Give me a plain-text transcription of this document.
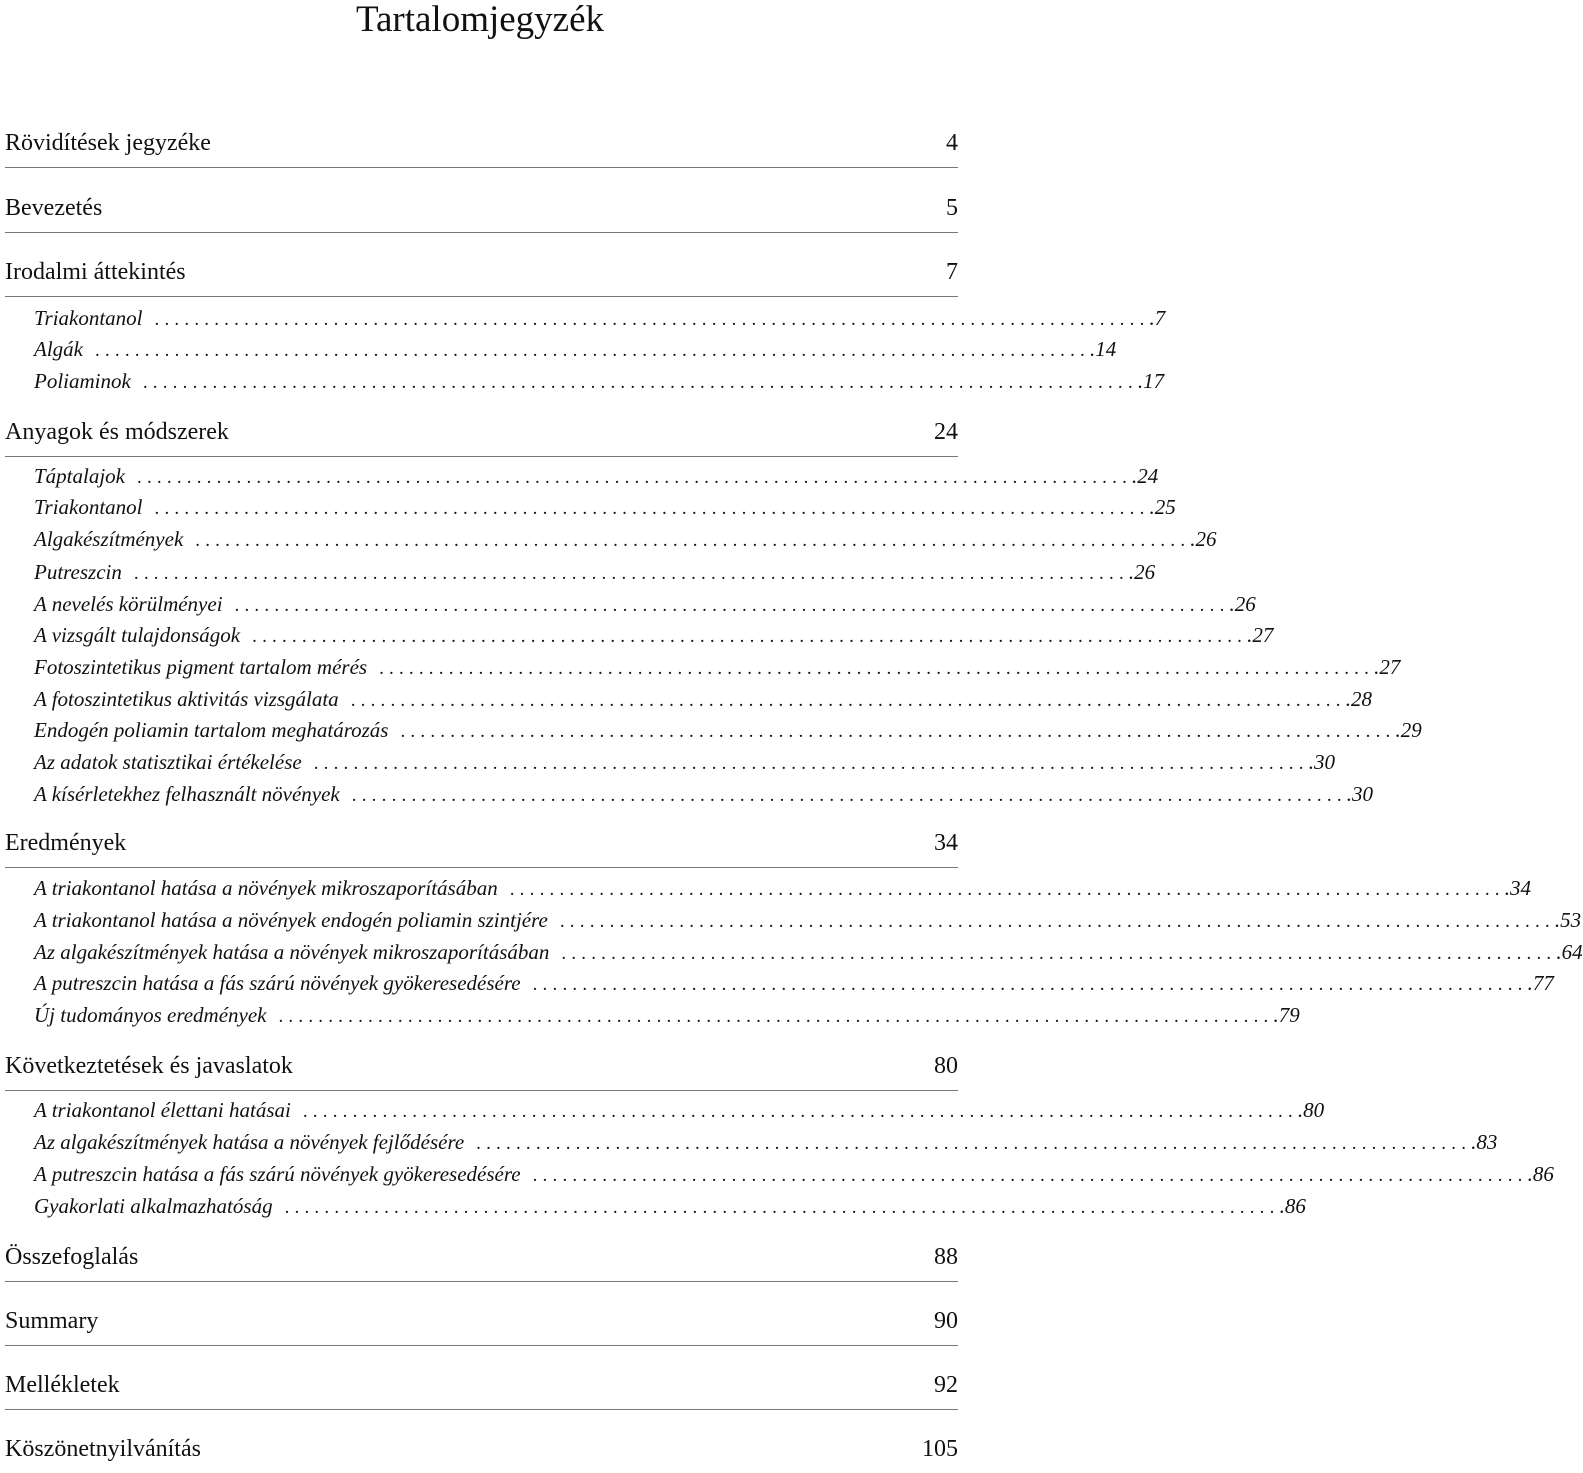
Tartalomjegyzék
Rövidítések jegyzéke	4
Bevezetés	5
Irodalmi áttekintés	7
Triakontanol .................................................................................................... .7
Algák .................................................................................................... .14
Poliaminok .................................................................................................... .17
Anyagok és módszerek	24
Táptalajok .................................................................................................... .24
Triakontanol .................................................................................................... .25
Algakészítmények .................................................................................................... .26
Putreszcin .................................................................................................... .26
A nevelés körülményei .................................................................................................... .26
A vizsgált tulajdonságok .................................................................................................... .27
Fotoszintetikus pigment tartalom mérés .................................................................................................... .27
A fotoszintetikus aktivitás vizsgálata .................................................................................................... .28
Endogén poliamin tartalom meghatározás .................................................................................................... .29
Az adatok statisztikai értékelése .................................................................................................... .30
A kísérletekhez felhasznált növények .................................................................................................... .30
Eredmények	34
A triakontanol hatása a növények mikroszaporításában .................................................................................................... .34
A triakontanol hatása a növények endogén poliamin szintjére .................................................................................................... .53
Az algakészítmények hatása a növények mikroszaporításában .................................................................................................... .64
A putreszcin hatása a fás szárú növények gyökeresedésére .................................................................................................... .77
Új tudományos eredmények .................................................................................................... .79
Következtetések és javaslatok	80
A triakontanol élettani hatásai .................................................................................................... .80
Az algakészítmények hatása a növények fejlődésére .................................................................................................... .83
A putreszcin hatása a fás szárú növények gyökeresedésére .................................................................................................... .86
Gyakorlati alkalmazhatóság .................................................................................................... .86
Összefoglalás	88
Summary	90
Mellékletek	92
Köszönetnyilvánítás	105
